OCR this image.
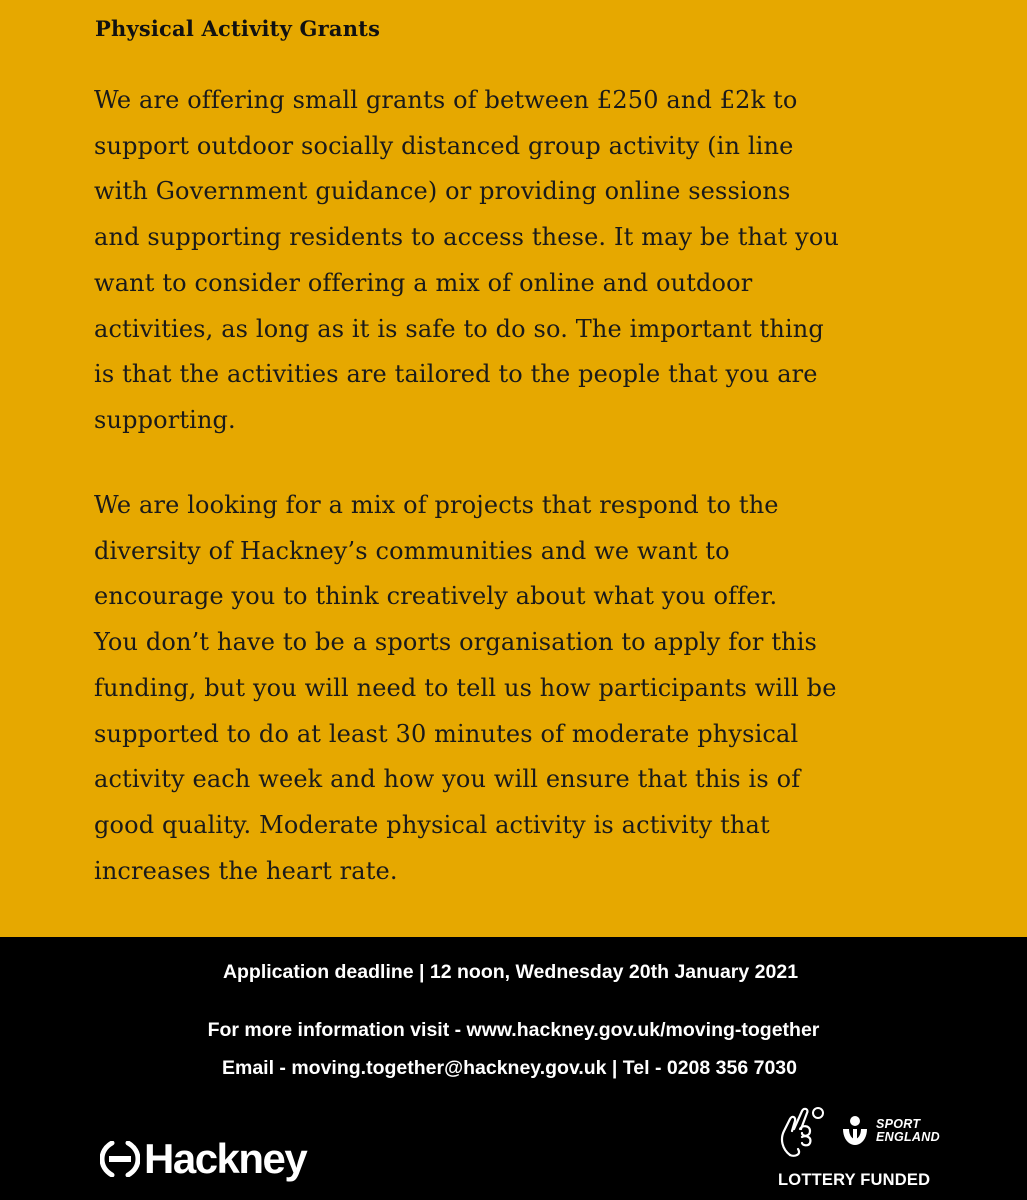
Physical Activity Grants

We are offering small grants of between £250 and £2k to
support outdoor socially distanced group activity (in line
with Government guidance) or providing online sessions
and supporting residents to access these. It may be that you
want to consider offering a mix of online and outdoor
activities, as long as it is safe to do so. The important thing
is that the activities are tailored to the people that you are
supporting.

We are looking for a mix of projects that respond to the
diversity of Hackney’s communities and we want to
encourage you to think creatively about what you offer.
You don’t have to be a sports organisation to apply for this
funding, but you will need to tell us how participants will be
supported to do at least 30 minutes of moderate physical
activity each week and how you will ensure that this is of
good quality. Moderate physical activity is activity that
increases the heart rate.

Application deadline | 12 noon, Wednesday 20th January 2021
For more information visit - www.hackney.gov.uk/moving-together
Email - moving.together@hackney.gov.uk | Tel - 0208 356 7030
Hackney
SPORT
ENGLAND
LOTTERY FUNDED
